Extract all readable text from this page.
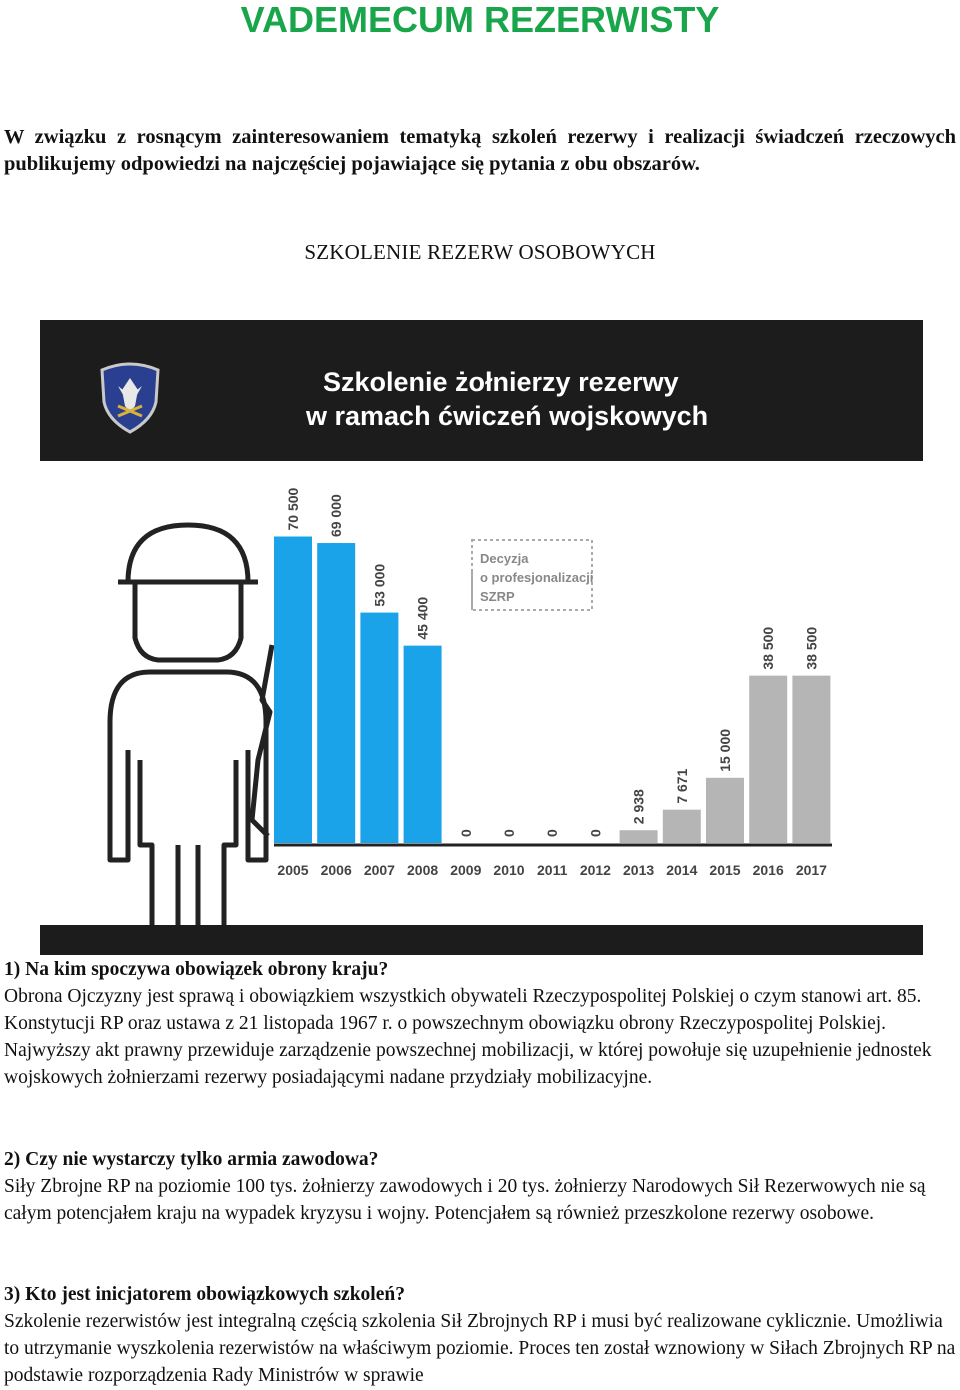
VADEMECUM REZERWISTY

W związku z rosnącym zainteresowaniem tematyką szkoleń rezerwy i realizacji świadczeń rzeczowych publikujemy odpowiedzi na najczęściej pojawiające się pytania z obu obszarów.

SZKOLENIE REZERW OSOBOWYCH
Szkolenie żołnierzy rezerwy
w ramach ćwiczeń wojskowych
Decyzja
o profesjonalizacji
SZRP
70 500
2005
69 000
2006
53 000
2007
45 400
2008
0
2009
0
2010
0
2011
0
2012
2 938
2013
7 671
2014
15 000
2015
38 500
2016
38 500
2017
1) Na kim spoczywa obowiązek obrony kraju?
Obrona Ojczyzny jest sprawą i obowiązkiem wszystkich obywateli Rzeczypospolitej Polskiej o czym stanowi art. 85. Konstytucji RP oraz ustawa z 21 listopada 1967 r. o powszechnym obowiązku obrony Rzeczypospolitej Polskiej. Najwyższy akt prawny przewiduje zarządzenie powszechnej mobilizacji, w której powołuje się uzupełnienie jednostek wojskowych żołnierzami rezerwy posiadającymi nadane przydziały mobilizacyjne.
2) Czy nie wystarczy tylko armia zawodowa?
Siły Zbrojne RP na poziomie 100 tys. żołnierzy zawodowych i 20 tys. żołnierzy Narodowych Sił Rezerwowych nie są całym potencjałem kraju na wypadek kryzysu i wojny. Potencjałem są również przeszkolone rezerwy osobowe.
3) Kto jest inicjatorem obowiązkowych szkoleń?
Szkolenie rezerwistów jest integralną częścią szkolenia Sił Zbrojnych RP i musi być realizowane cyklicznie. Umożliwia to utrzymanie wyszkolenia rezerwistów na właściwym poziomie. Proces ten został wznowiony w Siłach Zbrojnych RP na podstawie rozporządzenia Rady Ministrów w sprawie
